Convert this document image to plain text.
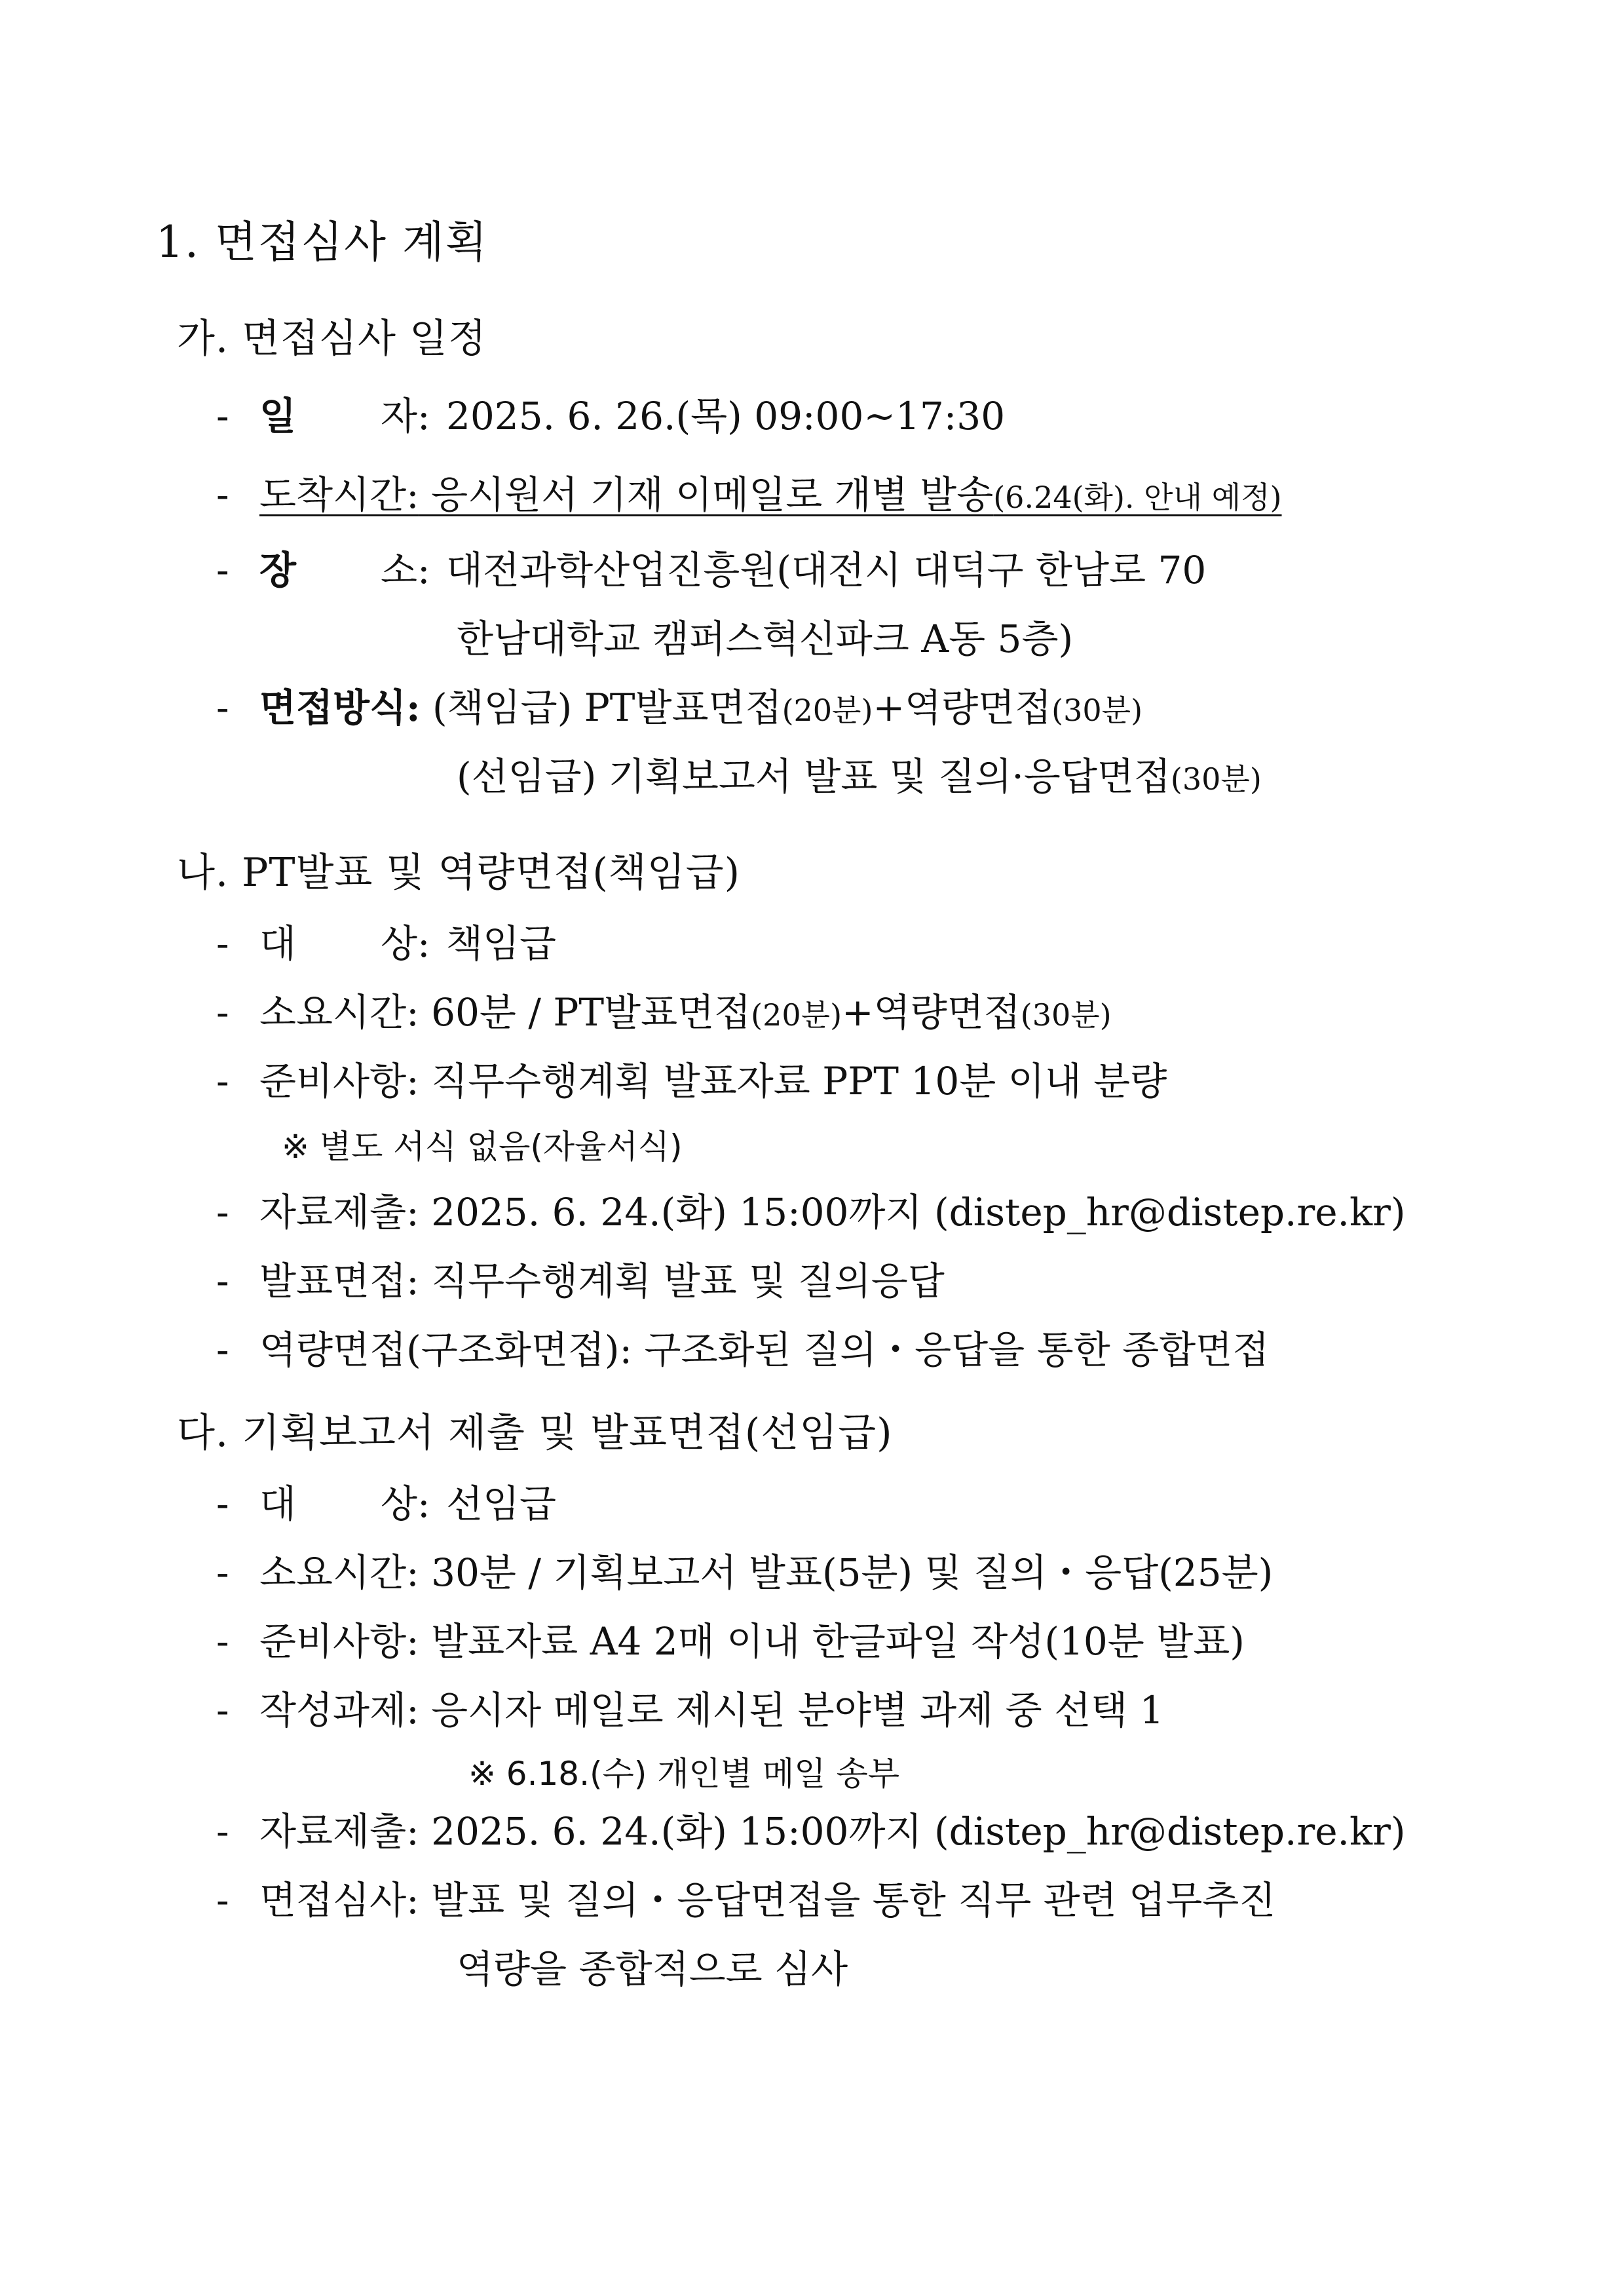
1. 면접심사 계획
가. 면접심사 일정
- 일 자: 2025. 6. 26.(목) 09:00~17:30
- 도착시간: 응시원서 기재 이메일로 개별 발송(6.24(화). 안내 예정)
- 장 소: 대전과학산업진흥원(대전시 대덕구 한남로 70
한남대학교 캠퍼스혁신파크 A동 5층)
- 면접방식: (책임급) PT발표면접(20분)+역량면접(30분)
(선임급) 기획보고서 발표 및 질의·응답면접(30분)
나. PT발표 및 역량면접(책임급)
- 대 상: 책임급
- 소요시간: 60분 / PT발표면접(20분)+역량면접(30분)
- 준비사항: 직무수행계획 발표자료 PPT 10분 이내 분량
※ 별도 서식 없음(자율서식)
- 자료제출: 2025. 6. 24.(화) 15:00까지 (distep_hr@distep.re.kr)
- 발표면접: 직무수행계획 발표 및 질의응답
- 역량면접(구조화면접): 구조화된 질의・응답을 통한 종합면접
다. 기획보고서 제출 및 발표면접(선임급)
- 대 상: 선임급
- 소요시간: 30분 / 기획보고서 발표(5분) 및 질의・응답(25분)
- 준비사항: 발표자료 A4 2매 이내 한글파일 작성(10분 발표)
- 작성과제: 응시자 메일로 제시된 분야별 과제 중 선택 1
※ 6.18.(수) 개인별 메일 송부
- 자료제출: 2025. 6. 24.(화) 15:00까지 (distep_hr@distep.re.kr)
- 면접심사: 발표 및 질의・응답면접을 통한 직무 관련 업무추진
역량을 종합적으로 심사
